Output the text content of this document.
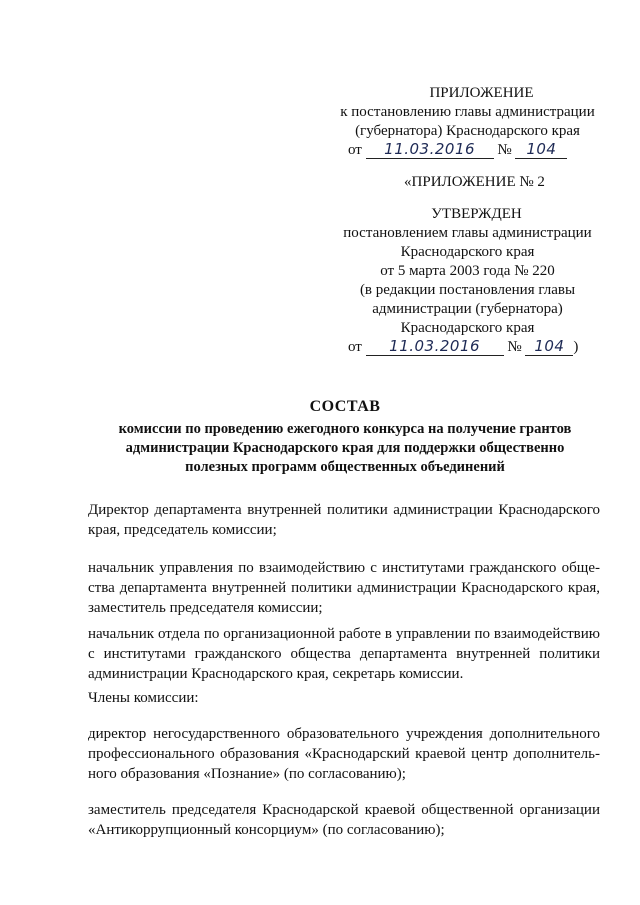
ПРИЛОЖЕНИЕ
к постановлению главы администрации
(губернатора) Краснодарского края
от 11.03.2016 № 104
«ПРИЛОЖЕНИЕ № 2
УТВЕРЖДЕН
постановлением главы администрации
Краснодарского края
от 5 марта 2003 года № 220
(в редакции постановления главы
администрации (губернатора)
Краснодарского края
от 11.03.2016 № 104 )
СОСТАВ
комиссии по проведению ежегодного конкурса на получение грантов
администрации Краснодарского края для поддержки общественно
полезных программ общественных объединений
Директор департамента внутренней политики администрации Краснодарского
края, председатель комиссии;
начальник управления по взаимодействию с институтами гражданского обще-
ства департамента внутренней политики администрации Краснодарского края,
заместитель председателя комиссии;
начальник отдела по организационной работе в управлении по взаимодействию
с институтами гражданского общества департамента внутренней политики
администрации Краснодарского края, секретарь комиссии.
Члены комиссии:
директор негосударственного образовательного учреждения дополнительного
профессионального образования «Краснодарский краевой центр дополнитель-
ного образования «Познание» (по согласованию);
заместитель председателя Краснодарской краевой общественной организации
«Антикоррупционный консорциум» (по согласованию);
